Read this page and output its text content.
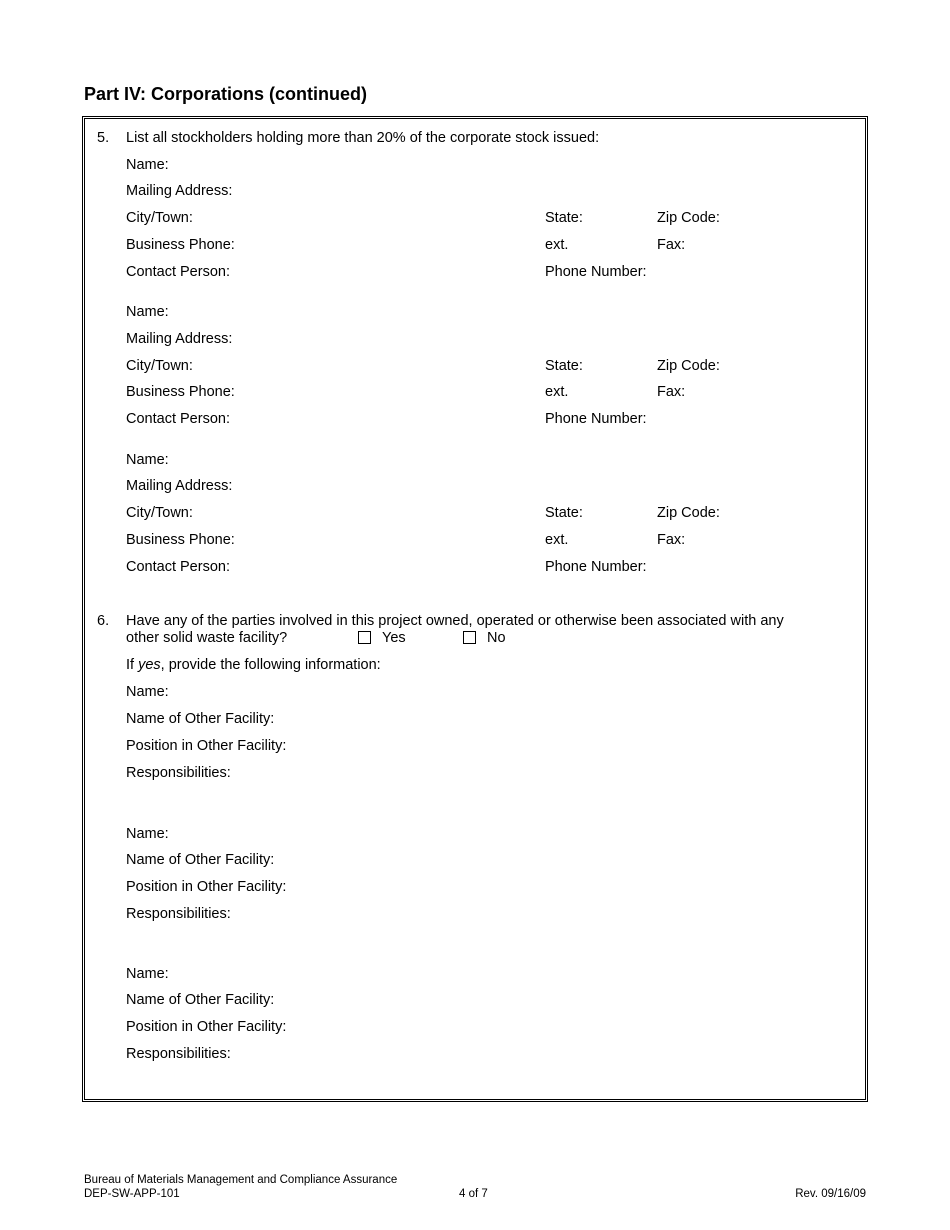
Part IV: Corporations (continued)
5. List all stockholders holding more than 20% of the corporate stock issued:
Name:
Mailing Address:
City/Town:	State:	Zip Code:
Business Phone:	ext.	Fax:
Contact Person:	Phone Number:
Name:
Mailing Address:
City/Town:	State:	Zip Code:
Business Phone:	ext.	Fax:
Contact Person:	Phone Number:
Name:
Mailing Address:
City/Town:	State:	Zip Code:
Business Phone:	ext.	Fax:
Contact Person:	Phone Number:
6. Have any of the parties involved in this project owned, operated or otherwise been associated with any
other solid waste facility?	Yes	No
If yes, provide the following information:
Name:
Name of Other Facility:
Position in Other Facility:
Responsibilities:
Name:
Name of Other Facility:
Position in Other Facility:
Responsibilities:
Name:
Name of Other Facility:
Position in Other Facility:
Responsibilities:
Bureau of Materials Management and Compliance Assurance
DEP-SW-APP-101	4 of 7	Rev. 09/16/09
